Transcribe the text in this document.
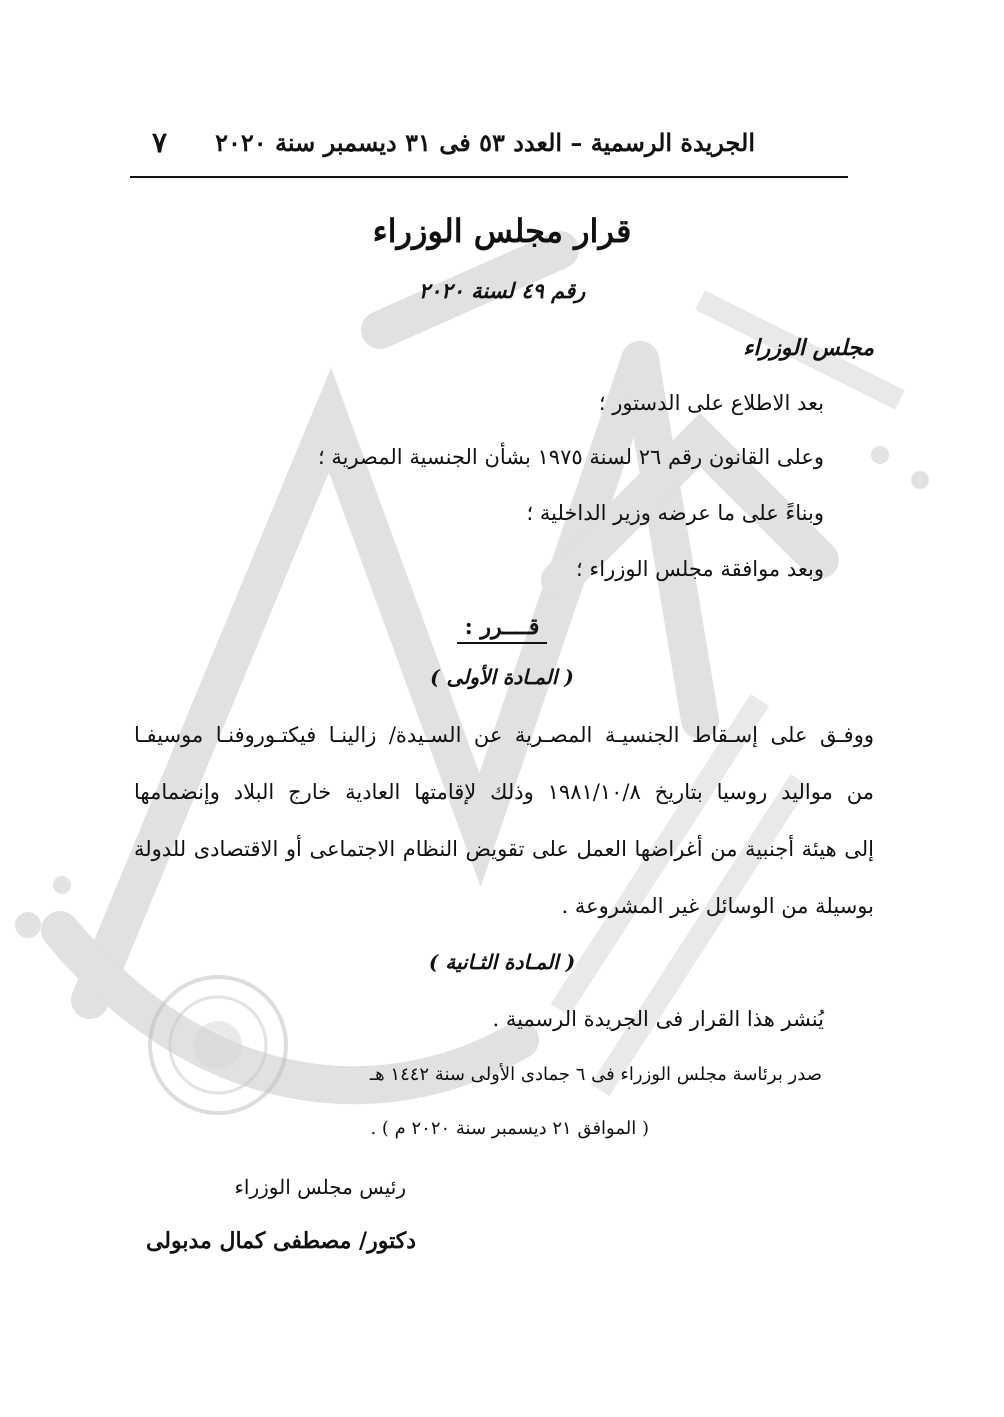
الجريدة الرسمية – العدد ٥٣ فى ٣١ ديسمبر سنة ٢٠٢٠
٧
قرار مجلس الوزراء
رقم ٤٩ لسنة ٢٠٢٠
مجلس الوزراء
بعد الاطلاع على الدستور ؛
وعلى القانون رقم ٢٦ لسنة ١٩٧٥ بشأن الجنسية المصرية ؛
وبناءً على ما عرضه وزير الداخلية ؛
وبعد موافقة مجلس الوزراء ؛
قــــرر :
( المـادة الأولى )
ووفـق على إسـقاط الجنسيـة المصـرية عن السـيدة/ زالينـا فيكتـوروفنـا موسيفـا
من مواليد روسيا بتاريخ ١٩٨١/١٠/٨ وذلك لإقامتها العادية خارج البلاد وإنضمامها
إلى هيئة أجنبية من أغراضها العمل على تقويض النظام الاجتماعى أو الاقتصادى للدولة
بوسيلة من الوسائل غير المشروعة .
( المـادة الثـانية )
يُنشر هذا القرار فى الجريدة الرسمية .
صدر برئاسة مجلس الوزراء فى ٦ جمادى الأولى سنة ١٤٤٢ هـ
( الموافق ٢١ ديسمبر سنة ٢٠٢٠ م ) .
رئيس مجلس الوزراء
دكتور/ مصطفى كمال مدبولى
